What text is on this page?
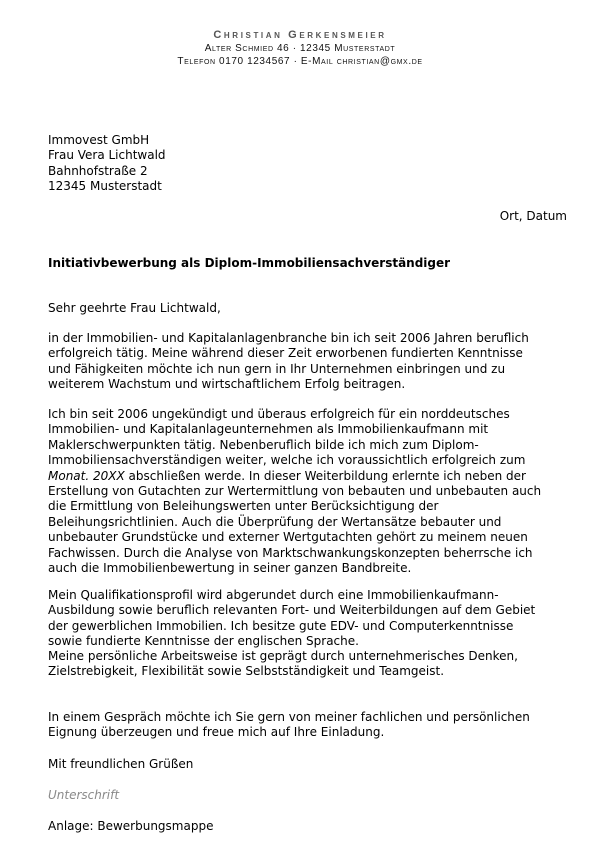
Christian Gerkensmeier
Alter Schmied 46 · 12345 Musterstadt
Telefon 0170 1234567 · E-Mail christian@gmx.de
Immovest GmbH
Frau Vera Lichtwald
Bahnhofstraße 2
12345 Musterstadt
Ort, Datum
Initiativbewerbung als Diplom-Immobiliensachverständiger

Sehr geehrte Frau Lichtwald,

in der Immobilien- und Kapitalanlagenbranche bin ich seit 2006 Jahren beruflich
erfolgreich tätig. Meine während dieser Zeit erworbenen fundierten Kenntnisse
und Fähigkeiten möchte ich nun gern in Ihr Unternehmen einbringen und zu
weiterem Wachstum und wirtschaftlichem Erfolg beitragen.

Ich bin seit 2006 ungekündigt und überaus erfolgreich für ein norddeutsches
Immobilien- und Kapitalanlageunternehmen als Immobilienkaufmann mit
Maklerschwerpunkten tätig. Nebenberuflich bilde ich mich zum Diplom-
Immobiliensachverständigen weiter, welche ich voraussichtlich erfolgreich zum
Monat. 20XX abschließen werde. In dieser Weiterbildung erlernte ich neben der
Erstellung von Gutachten zur Wertermittlung von bebauten und unbebauten auch
die Ermittlung von Beleihungswerten unter Berücksichtigung der
Beleihungsrichtlinien. Auch die Überprüfung der Wertansätze bebauter und
unbebauter Grundstücke und externer Wertgutachten gehört zu meinem neuen
Fachwissen. Durch die Analyse von Marktschwankungskonzepten beherrsche ich
auch die Immobilienbewertung in seiner ganzen Bandbreite.

Mein Qualifikationsprofil wird abgerundet durch eine Immobilienkaufmann-
Ausbildung sowie beruflich relevanten Fort- und Weiterbildungen auf dem Gebiet
der gewerblichen Immobilien. Ich besitze gute EDV- und Computerkenntnisse
sowie fundierte Kenntnisse der englischen Sprache.

Meine persönliche Arbeitsweise ist geprägt durch unternehmerisches Denken,
Zielstrebigkeit, Flexibilität sowie Selbstständigkeit und Teamgeist.

In einem Gespräch möchte ich Sie gern von meiner fachlichen und persönlichen
Eignung überzeugen und freue mich auf Ihre Einladung.

Mit freundlichen Grüßen
Unterschrift
Anlage: Bewerbungsmappe
